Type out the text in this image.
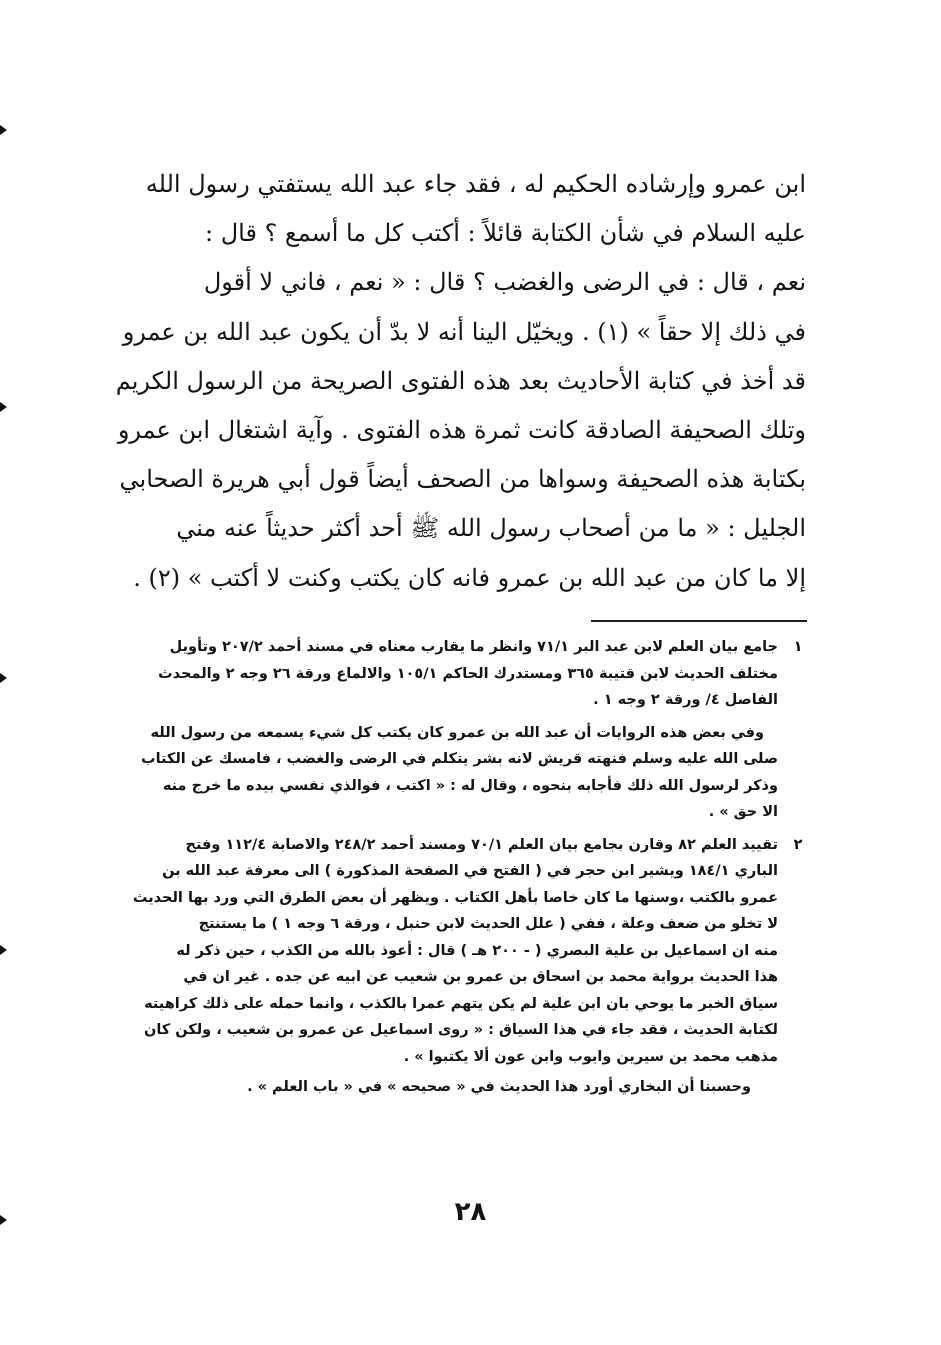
ابن عمرو وإرشاده الحكيم له ، فقد جاء عبد الله يستفتي رسول الله
عليه السلام في شأن الكتابة قائلاً : أكتب كل ما أسمع ؟ قال :
نعم ، قال : في الرضى والغضب ؟ قال : « نعم ، فاني لا أقول
في ذلك إلا حقاً » (١) . ويخيّل الينا أنه لا بدّ أن يكون عبد الله بن عمرو
قد أخذ في كتابة الأحاديث بعد هذه الفتوى الصريحة من الرسول الكريم
وتلك الصحيفة الصادقة كانت ثمرة هذه الفتوى . وآية اشتغال ابن عمرو
بكتابة هذه الصحيفة وسواها من الصحف أيضاً قول أبي هريرة الصحابي
الجليل : « ما من أصحاب رسول الله ﷺ أحد أكثر حديثاً عنه مني
إلا ما كان من عبد الله بن عمرو فانه كان يكتب وكنت لا أكتب » (٢) .
١
جامع بيان العلم لابن عبد البر ٧١/١ وانظر ما يقارب معناه في مسند أحمد ٢٠٧/٢ وتأويل
مختلف الحديث لابن قتيبة ٣٦٥ ومستدرك الحاكم ١٠٥/١ والالماع ورقة ٢٦ وجه ٢ والمحدث
الفاصل ٤/ ورقة ٢ وجه ١ .
وفي بعض هذه الروايات أن عبد الله بن عمرو كان يكتب كل شيء يسمعه من رسول الله
صلى الله عليه وسلم فنهته قريش لانه بشر يتكلم في الرضى والغضب ، فامسك عن الكتاب
وذكر لرسول الله ذلك فأجابه بنحوه ، وقال له : « اكتب ، فوالذي نفسي بيده ما خرج منه
الا حق » .
٢
تقييد العلم ٨٢ وقارن بجامع بيان العلم ٧٠/١ ومسند أحمد ٢٤٨/٢ والاصابة ١١٢/٤ وفتح
الباري ١٨٤/١ ويشير ابن حجر في ( الفتح في الصفحة المذكورة ) الى معرفة عبد الله بن
عمرو بالكتب ،وسنها ما كان خاصا بأهل الكتاب . ويظهر أن بعض الطرق التي ورد بها الحديث
لا تخلو من ضعف وعلة ، ففي ( علل الحديث لابن حنبل ، ورقة ٦ وجه ١ ) ما يستنتج
منه ان اسماعيل بن علية البصري ( - ٢٠٠ هـ ) قال : أعوذ بالله من الكذب ، حين ذكر له
هذا الحديث برواية محمد بن اسحاق بن عمرو بن شعيب عن ابيه عن جده . غير ان في
سياق الخبر ما يوحي بان ابن علية لم يكن يتهم عمرا بالكذب ، وانما حمله على ذلك كراهيته
لكتابة الحديث ، فقد جاء في هذا السياق : « روى اسماعيل عن عمرو بن شعيب ، ولكن كان
مذهب محمد بن سيرين وايوب وابن عون ألا يكتبوا » .
وحسبنا أن البخاري أورد هذا الحديث في « صحيحه » في « باب العلم » .
٢٨
